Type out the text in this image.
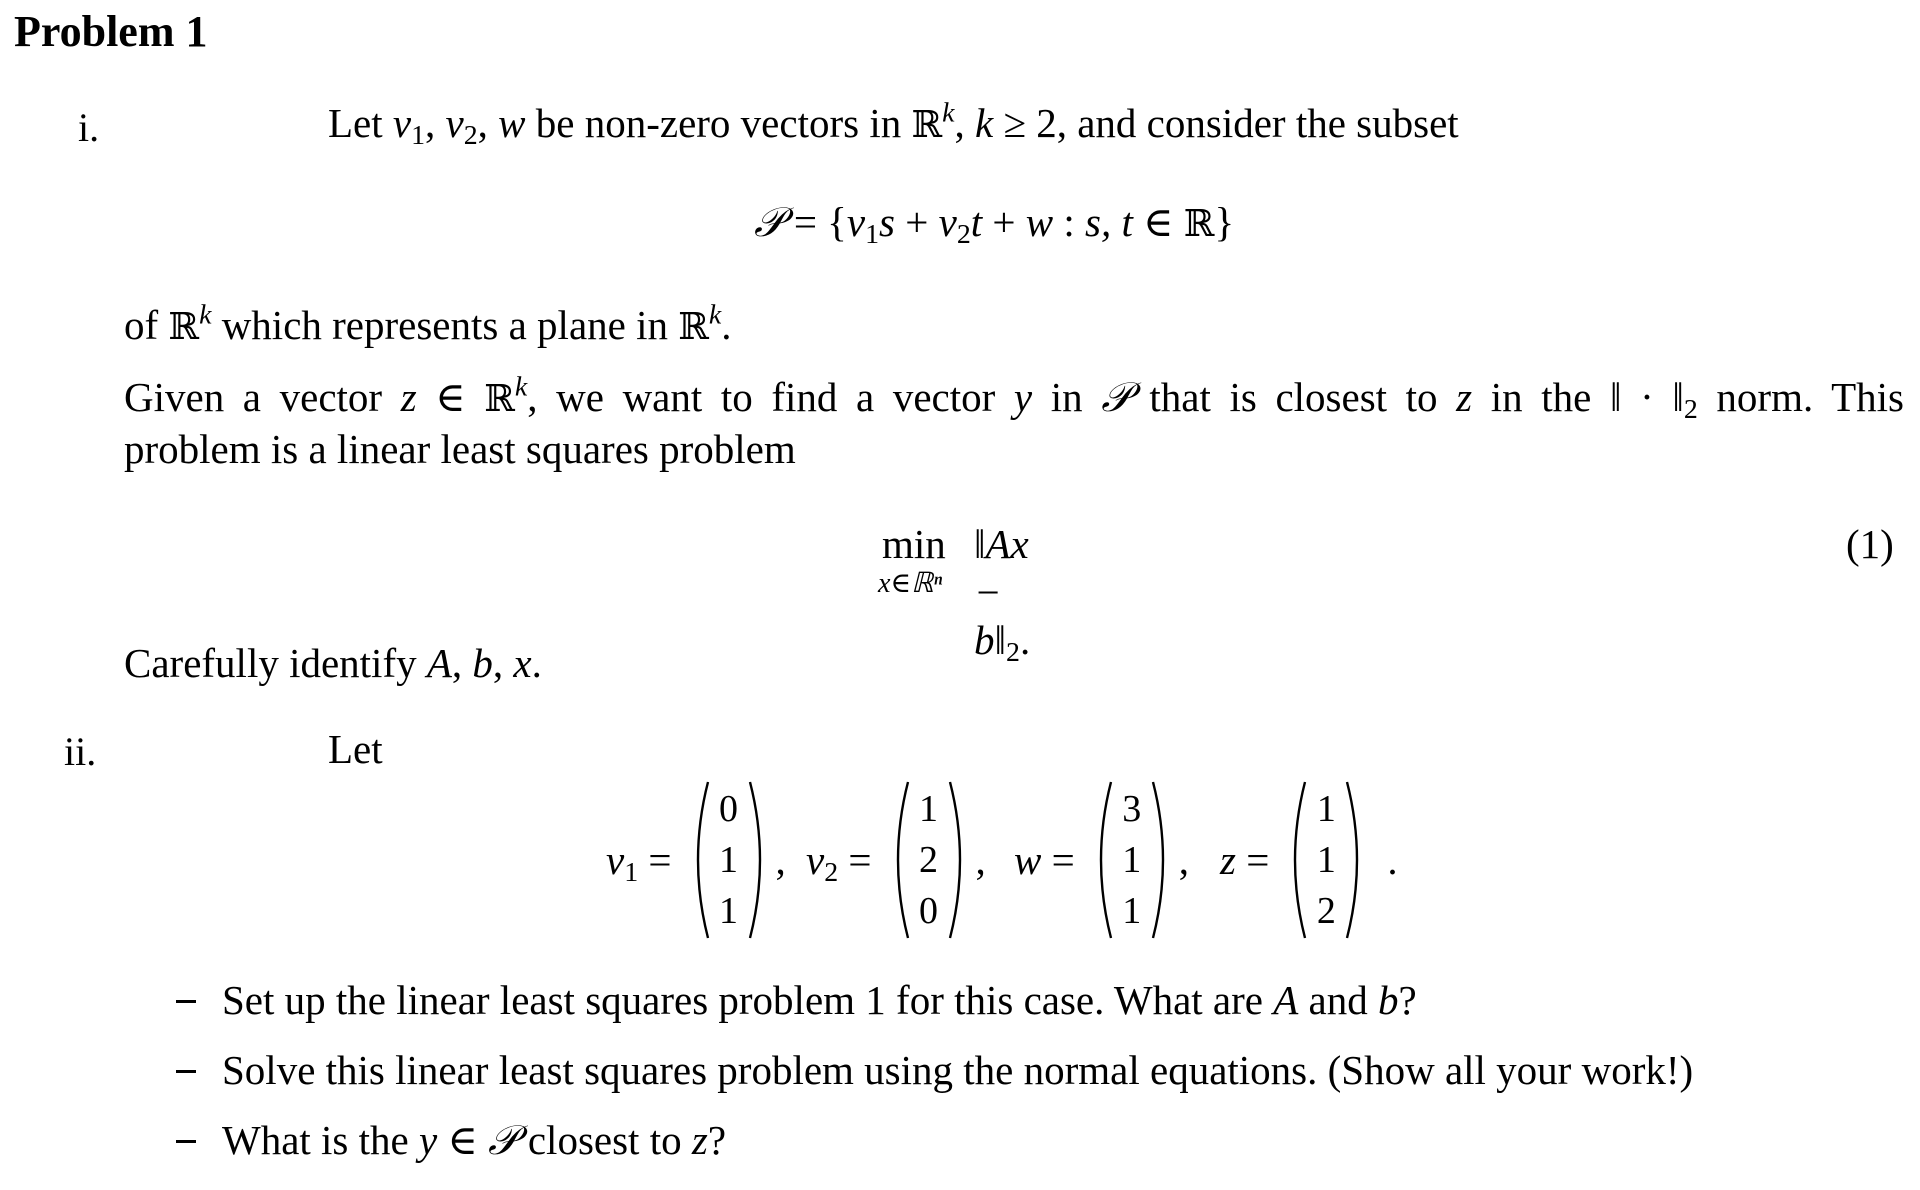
Problem 1
i.	Let $v_1$, $v_2$, w be non-zero vectors in ℝ$^k$, k ≥ 2, and consider the subset
𝒫 = {$v_1s + v_2t + w$ : s, t ∈ ℝ}
of ℝ$^k$ which represents a plane in ℝ$^k$.
Given a vector z ∈ ℝ$^k$, we want to find a vector y in 𝒫 that is closest to z in the ‖ · $‖_2$ norm. This
problem is a linear least squares problem
min
x∈ℝⁿ
‖Ax − $b‖_2$.
(1)
Carefully identify A, b, x.
ii.	Let
$v_1$ =
0
1
1
, $v_2$ =
1
2
0
, w =
3
1
1
, z =
1
1
2
.
Set up the linear least squares problem 1 for this case. What are A and b?
Solve this linear least squares problem using the normal equations. (Show all your work!)
What is the y ∈ 𝒫 closest to z?
